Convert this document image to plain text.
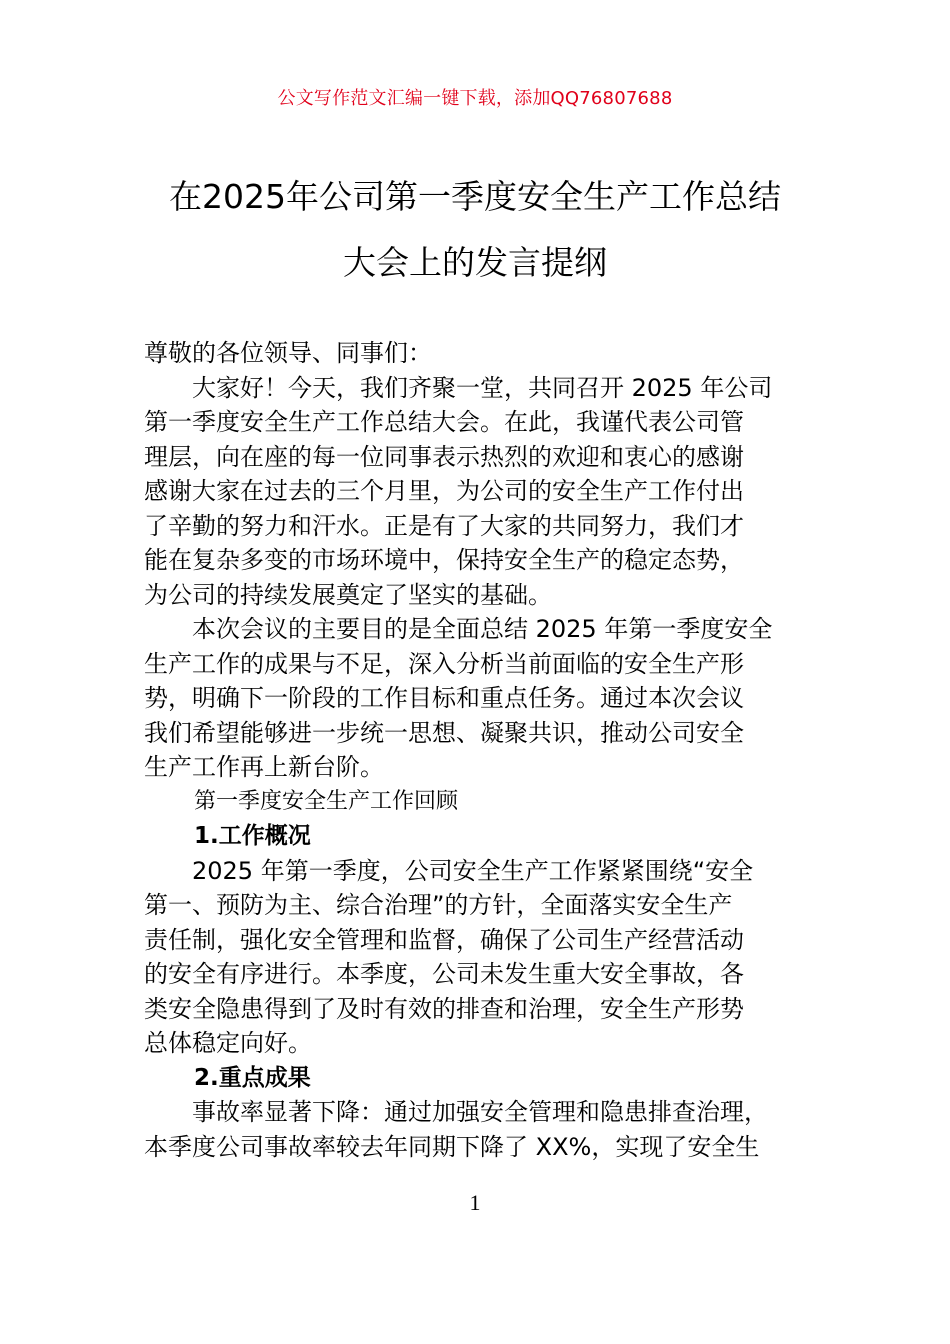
公文写作范文汇编一键下载，添加QQ76807688
在2025年公司第一季度安全生产工作总结
大会上的发言提纲
尊敬的各位领导、同事们：
大家好！今天，我们齐聚一堂，共同召开 2025 年公司
第一季度安全生产工作总结大会。在此，我谨代表公司管
理层，向在座的每一位同事表示热烈的欢迎和衷心的感谢
感谢大家在过去的三个月里，为公司的安全生产工作付出
了辛勤的努力和汗水。正是有了大家的共同努力，我们才
能在复杂多变的市场环境中，保持安全生产的稳定态势，
为公司的持续发展奠定了坚实的基础。
本次会议的主要目的是全面总结 2025 年第一季度安全
生产工作的成果与不足，深入分析当前面临的安全生产形
势，明确下一阶段的工作目标和重点任务。通过本次会议
我们希望能够进一步统一思想、凝聚共识，推动公司安全
生产工作再上新台阶。
第一季度安全生产工作回顾
1.工作概况
2025 年第一季度，公司安全生产工作紧紧围绕“安全
第一、预防为主、综合治理”的方针，全面落实安全生产
责任制，强化安全管理和监督，确保了公司生产经营活动
的安全有序进行。本季度，公司未发生重大安全事故，各
类安全隐患得到了及时有效的排查和治理，安全生产形势
总体稳定向好。
2.重点成果
事故率显著下降：通过加强安全管理和隐患排查治理，
本季度公司事故率较去年同期下降了 XX%，实现了安全生
1
